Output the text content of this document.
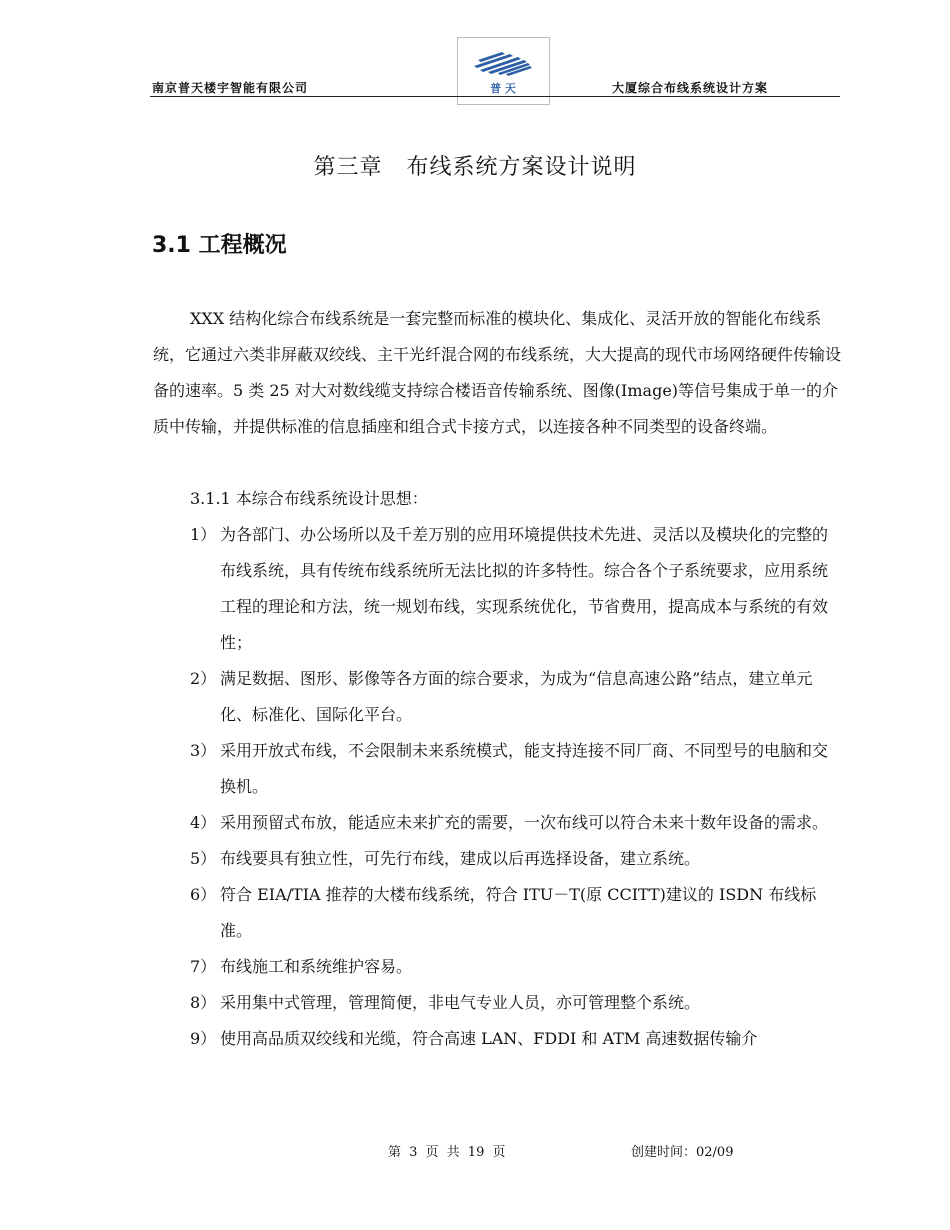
南京普天楼宇智能有限公司	普 天	大厦综合布线系统设计方案
第三章 布线系统方案设计说明
3.1 工程概况
XXX 结构化综合布线系统是一套完整而标准的模块化、集成化、灵活开放的智能化布线系统，它通过六类非屏蔽双绞线、主干光纤混合网的布线系统，大大提高的现代市场网络硬件传输设备的速率。5 类 25 对大对数线缆支持综合楼语音传输系统、图像(Image)等信号集成于单一的介质中传输，并提供标准的信息插座和组合式卡接方式，以连接各种不同类型的设备终端。
3.1.1 本综合布线系统设计思想：
1） 为各部门、办公场所以及千差万别的应用环境提供技术先进、灵活以及模块化的完整的布线系统，具有传统布线系统所无法比拟的许多特性。综合各个子系统要求，应用系统工程的理论和方法，统一规划布线，实现系统优化，节省费用，提高成本与系统的有效性；
2） 满足数据、图形、影像等各方面的综合要求，为成为“信息高速公路”结点，建立单元化、标准化、国际化平台。
3） 采用开放式布线，不会限制未来系统模式，能支持连接不同厂商、不同型号的电脑和交换机。
4） 采用预留式布放，能适应未来扩充的需要，一次布线可以符合未来十数年设备的需求。
5） 布线要具有独立性，可先行布线，建成以后再选择设备，建立系统。
6） 符合 EIA/TIA 推荐的大楼布线系统，符合 ITU－T(原 CCITT)建议的 ISDN 布线标准。
7） 布线施工和系统维护容易。
8） 采用集中式管理，管理简便，非电气专业人员，亦可管理整个系统。
9） 使用高品质双绞线和光缆，符合高速 LAN、FDDI 和 ATM 高速数据传输介
第 3 页 共 19 页	创建时间：02/09
